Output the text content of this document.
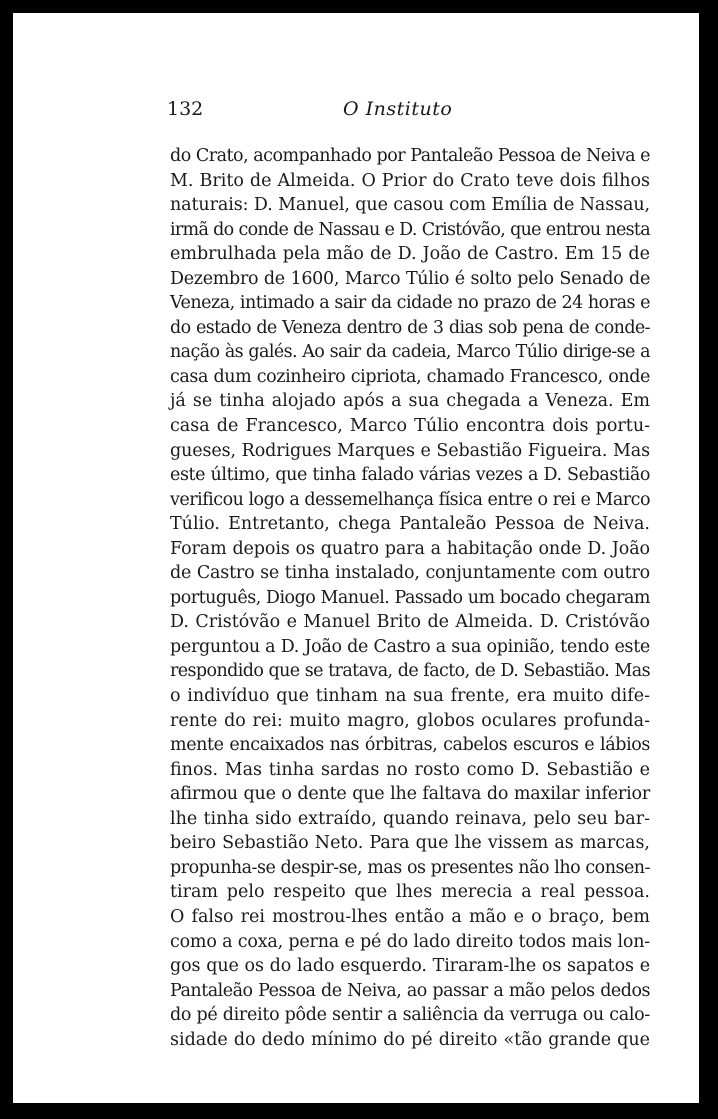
132	O Instituto
do Crato, acompanhado por Pantaleão Pessoa de Neiva e
M. Brito de Almeida. O Prior do Crato teve dois filhos
naturais: D. Manuel, que casou com Emília de Nassau,
irmã do conde de Nassau e D. Cristóvão, que entrou nesta
embrulhada pela mão de D. João de Castro. Em 15 de
Dezembro de 1600, Marco Túlio é solto pelo Senado de
Veneza, intimado a sair da cidade no prazo de 24 horas e
do estado de Veneza dentro de 3 dias sob pena de conde-
nação às galés. Ao sair da cadeia, Marco Túlio dirige-se a
casa dum cozinheiro cipriota, chamado Francesco, onde
já se tinha alojado após a sua chegada a Veneza. Em
casa de Francesco, Marco Túlio encontra dois portu-
gueses, Rodrigues Marques e Sebastião Figueira. Mas
este último, que tinha falado várias vezes a D. Sebastião
verificou logo a dessemelhança física entre o rei e Marco
Túlio. Entretanto, chega Pantaleão Pessoa de Neiva.
Foram depois os quatro para a habitação onde D. João
de Castro se tinha instalado, conjuntamente com outro
português, Diogo Manuel. Passado um bocado chegaram
D. Cristóvão e Manuel Brito de Almeida. D. Cristóvão
perguntou a D. João de Castro a sua opinião, tendo este
respondido que se tratava, de facto, de D. Sebastião. Mas
o indivíduo que tinham na sua frente, era muito dife-
rente do rei: muito magro, globos oculares profunda-
mente encaixados nas órbitras, cabelos escuros e lábios
finos. Mas tinha sardas no rosto como D. Sebastião e
afirmou que o dente que lhe faltava do maxilar inferior
lhe tinha sido extraído, quando reinava, pelo seu bar-
beiro Sebastião Neto. Para que lhe vissem as marcas,
propunha-se despir-se, mas os presentes não lho consen-
tiram pelo respeito que lhes merecia a real pessoa.
O falso rei mostrou-lhes então a mão e o braço, bem
como a coxa, perna e pé do lado direito todos mais lon-
gos que os do lado esquerdo. Tiraram-lhe os sapatos e
Pantaleão Pessoa de Neiva, ao passar a mão pelos dedos
do pé direito pôde sentir a saliência da verruga ou calo-
sidade do dedo mínimo do pé direito «tão grande que
